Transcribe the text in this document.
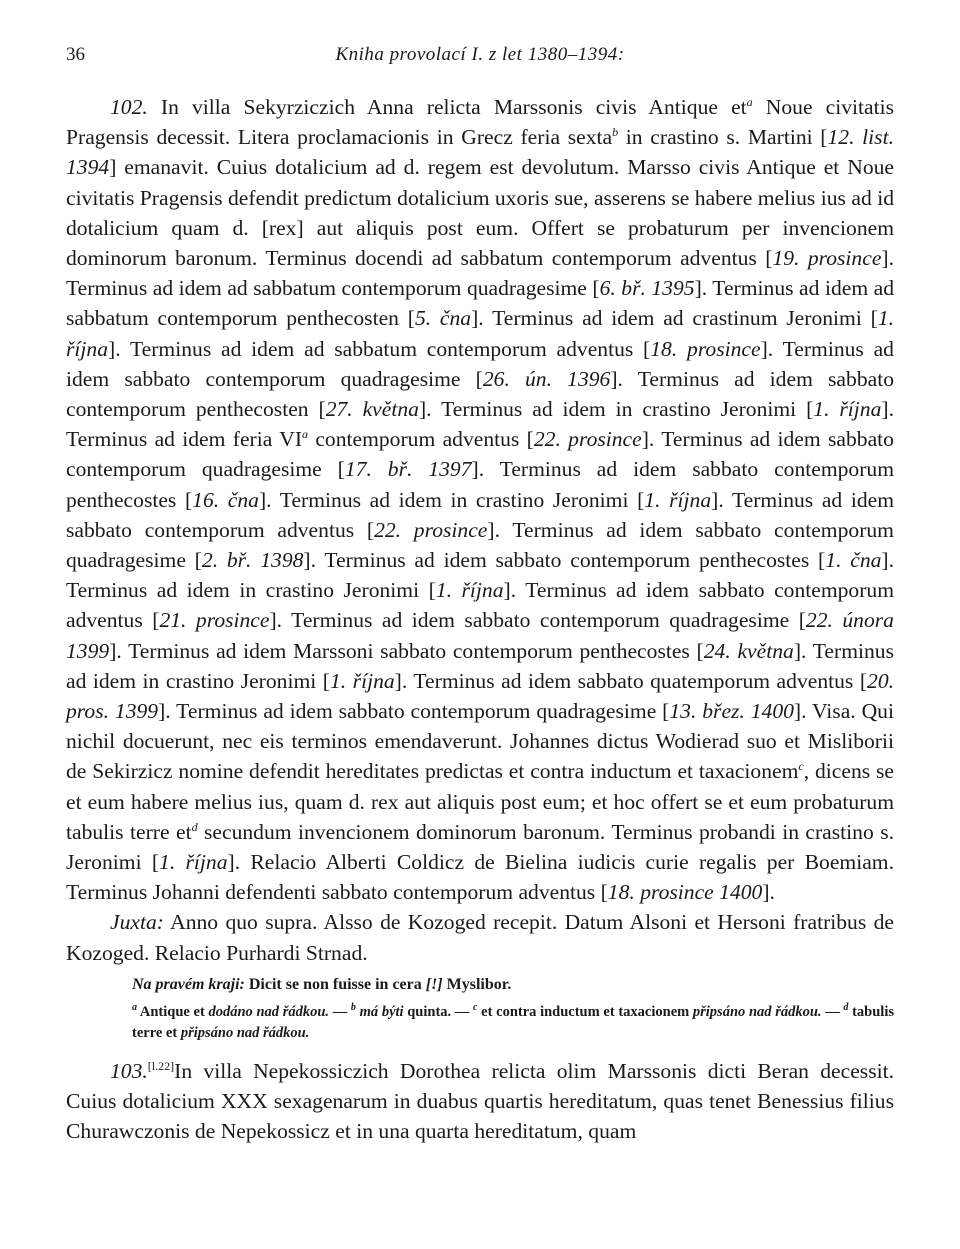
36	Kniha provolací I. z let 1380–1394:

102. In villa Sekyrziczich Anna relicta Marssonis civis Antique $et^a$ Noue civitatis Pragensis decessit. Litera proclamacionis in Grecz feria sexta$^b$ in crastino s. Martini [12. list. 1394] emanavit. Cuius dotalicium ad d. regem est devolutum. Marsso civis Antique et Noue civitatis Pragensis defendit predictum dotalicium uxoris sue, asserens se habere melius ius ad id dotalicium quam d. [rex] aut aliquis post eum. Offert se probaturum per invencionem dominorum baronum. Terminus docendi ad sabbatum contemporum adventus [19. prosince]. Terminus ad idem ad sabbatum contemporum quadragesime [6. bř. 1395]. Terminus ad idem ad sabbatum contemporum penthecosten [5. čna]. Terminus ad idem ad crastinum Jeronimi [1. října]. Terminus ad idem ad sabbatum contemporum adventus [18. prosince]. Terminus ad idem sabbato contemporum quadragesime [26. ún. 1396]. Terminus ad idem sabbato contemporum penthecosten [27. května]. Terminus ad idem in crastino Jeronimi [1. října]. Terminus ad idem feria $VI^a$ contemporum adventus [22. prosince]. Terminus ad idem sabbato contemporum quadragesime [17. bř. 1397]. Terminus ad idem sabbato contemporum penthecostes [16. čna]. Terminus ad idem in crastino Jeronimi [1. října]. Terminus ad idem sabbato contemporum adventus [22. prosince]. Terminus ad idem sabbato contemporum quadragesime [2. bř. 1398]. Terminus ad idem sabbato contemporum penthecostes [1. čna]. Terminus ad idem in crastino Jeronimi [1. října]. Terminus ad idem sabbato contemporum adventus [21. prosince]. Terminus ad idem sabbato contemporum quadragesime [22. února 1399]. Terminus ad idem Marssoni sabbato contemporum penthecostes [24. května]. Terminus ad idem in crastino Jeronimi [1. října]. Terminus ad idem sabbato quatemporum adventus [20. pros. 1399]. Terminus ad idem sabbato contemporum quadragesime [13. břez. 1400]. Visa. Qui nichil docuerunt, nec eis terminos emendaverunt. Johannes dictus Wodierad suo et Misliborii de Sekirzicz nomine defendit hereditates predictas et contra inductum et taxacionem$^c$, dicens se et eum habere melius ius, quam d. rex aut aliquis post eum; et hoc offert se et eum probaturum tabulis terre $et^d$ secundum invencionem dominorum baronum. Terminus probandi in crastino s. Jeronimi [1. října]. Relacio Alberti Coldicz de Bielina iudicis curie regalis per Boemiam. Terminus Johanni defendenti sabbato contemporum adventus [18. prosince 1400].

Juxta: Anno quo supra. Alsso de Kozoged recepit. Datum Alsoni et Hersoni fratribus de Kozoged. Relacio Purhardi Strnad.

Na pravém kraji: Dicit se non fuisse in cera [!] Myslibor.
$^a$ Antique et dodáno nad řádkou. — $^b$ má býti quinta. — $^c$ et contra inductum et taxacionem připsáno nad řádkou. — $^d$ tabulis terre et připsáno nad řádkou.

103.[l.22]In villa Nepekossiczich Dorothea relicta olim Marssonis dicti Beran decessit. Cuius dotalicium XXX sexagenarum in duabus quartis hereditatum, quas tenet Benessius filius Churawczonis de Nepekossicz et in una quarta hereditatum, quam
